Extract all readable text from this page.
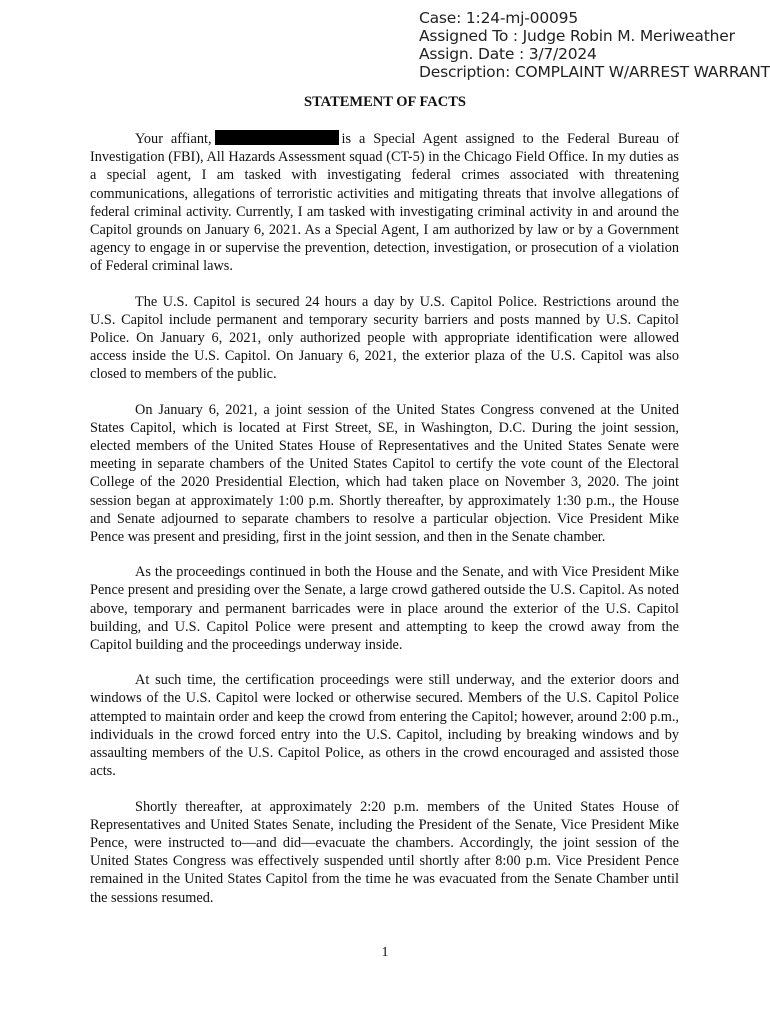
Case: 1:24-mj-00095
Assigned To : Judge Robin M. Meriweather
Assign. Date : 3/7/2024
Description: COMPLAINT W/ARREST WARRANT
STATEMENT OF FACTS

Your affiant,	is a Special Agent assigned to the Federal Bureau of Investigation (FBI), All Hazards Assessment squad (CT-5) in the Chicago Field Office. In my duties as a special agent, I am tasked with investigating federal crimes associated with threatening communications, allegations of terroristic activities and mitigating threats that involve allegations of federal criminal activity. Currently, I am tasked with investigating criminal activity in and around the Capitol grounds on January 6, 2021. As a Special Agent, I am authorized by law or by a Government agency to engage in or supervise the prevention, detection, investigation, or prosecution of a violation of Federal criminal laws.

The U.S. Capitol is secured 24 hours a day by U.S. Capitol Police. Restrictions around the U.S. Capitol include permanent and temporary security barriers and posts manned by U.S. Capitol Police. On January 6, 2021, only authorized people with appropriate identification were allowed access inside the U.S. Capitol. On January 6, 2021, the exterior plaza of the U.S. Capitol was also closed to members of the public.

On January 6, 2021, a joint session of the United States Congress convened at the United States Capitol, which is located at First Street, SE, in Washington, D.C. During the joint session, elected members of the United States House of Representatives and the United States Senate were meeting in separate chambers of the United States Capitol to certify the vote count of the Electoral College of the 2020 Presidential Election, which had taken place on November 3, 2020. The joint session began at approximately 1:00 p.m. Shortly thereafter, by approximately 1:30 p.m., the House and Senate adjourned to separate chambers to resolve a particular objection. Vice President Mike Pence was present and presiding, first in the joint session, and then in the Senate chamber.

As the proceedings continued in both the House and the Senate, and with Vice President Mike Pence present and presiding over the Senate, a large crowd gathered outside the U.S. Capitol. As noted above, temporary and permanent barricades were in place around the exterior of the U.S. Capitol building, and U.S. Capitol Police were present and attempting to keep the crowd away from the Capitol building and the proceedings underway inside.

At such time, the certification proceedings were still underway, and the exterior doors and windows of the U.S. Capitol were locked or otherwise secured. Members of the U.S. Capitol Police attempted to maintain order and keep the crowd from entering the Capitol; however, around 2:00 p.m., individuals in the crowd forced entry into the U.S. Capitol, including by breaking windows and by assaulting members of the U.S. Capitol Police, as others in the crowd encouraged and assisted those acts.

Shortly thereafter, at approximately 2:20 p.m. members of the United States House of Representatives and United States Senate, including the President of the Senate, Vice President Mike Pence, were instructed to—and did—evacuate the chambers. Accordingly, the joint session of the United States Congress was effectively suspended until shortly after 8:00 p.m. Vice President Pence remained in the United States Capitol from the time he was evacuated from the Senate Chamber until the sessions resumed.

1
